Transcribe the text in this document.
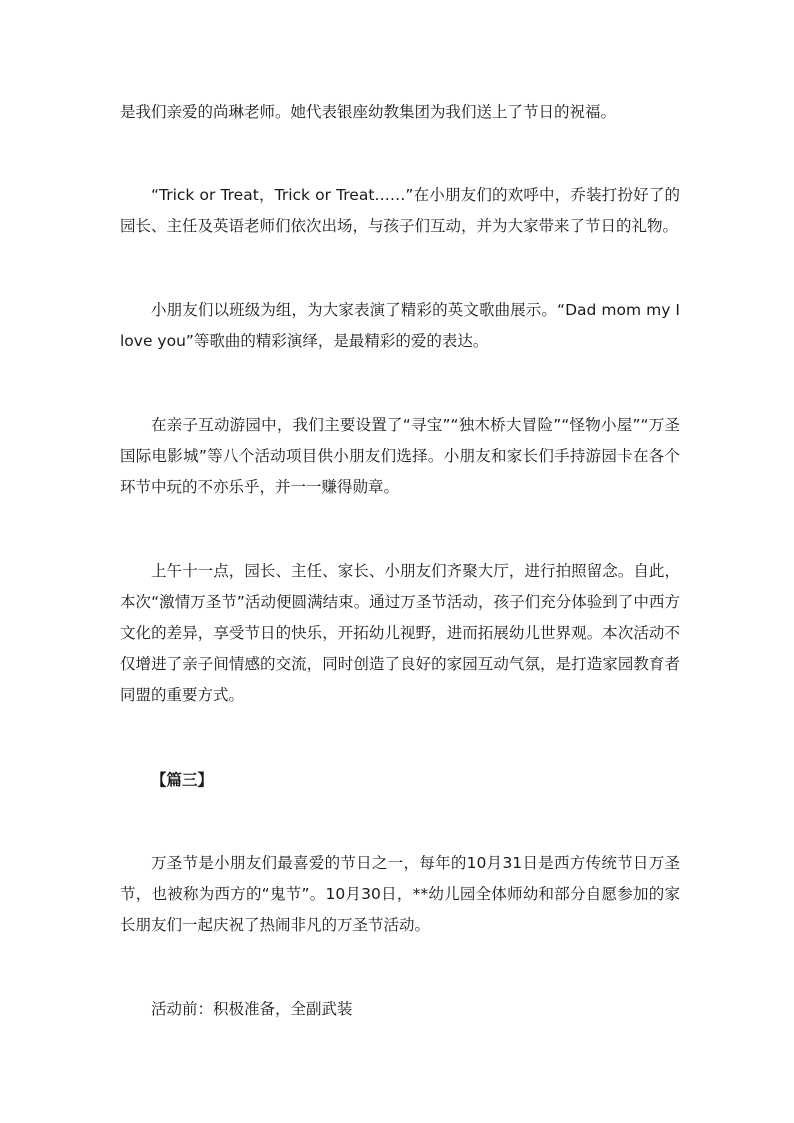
是我们亲爱的尚琳老师。她代表银座幼教集团为我们送上了节日的祝福。

“Trick or Treat，Trick or Treat……”在小朋友们的欢呼中，乔装打扮好了的园长、主任及英语老师们依次出场，与孩子们互动，并为大家带来了节日的礼物。

小朋友们以班级为组，为大家表演了精彩的英文歌曲展示。“Dad mom my I love you”等歌曲的精彩演绎，是最精彩的爱的表达。

在亲子互动游园中，我们主要设置了“寻宝”“独木桥大冒险”“怪物小屋”“万圣国际电影城”等八个活动项目供小朋友们选择。小朋友和家长们手持游园卡在各个环节中玩的不亦乐乎，并一一赚得勋章。

上午十一点，园长、主任、家长、小朋友们齐聚大厅，进行拍照留念。自此，本次“激情万圣节”活动便圆满结束。通过万圣节活动，孩子们充分体验到了中西方文化的差异，享受节日的快乐，开拓幼儿视野，进而拓展幼儿世界观。本次活动不仅增进了亲子间情感的交流，同时创造了良好的家园互动气氛，是打造家园教育者同盟的重要方式。

【篇三】

万圣节是小朋友们最喜爱的节日之一，每年的10月31日是西方传统节日万圣节，也被称为西方的“鬼节”。10月30日，**幼儿园全体师幼和部分自愿参加的家长朋友们一起庆祝了热闹非凡的万圣节活动。

活动前：积极准备，全副武装
